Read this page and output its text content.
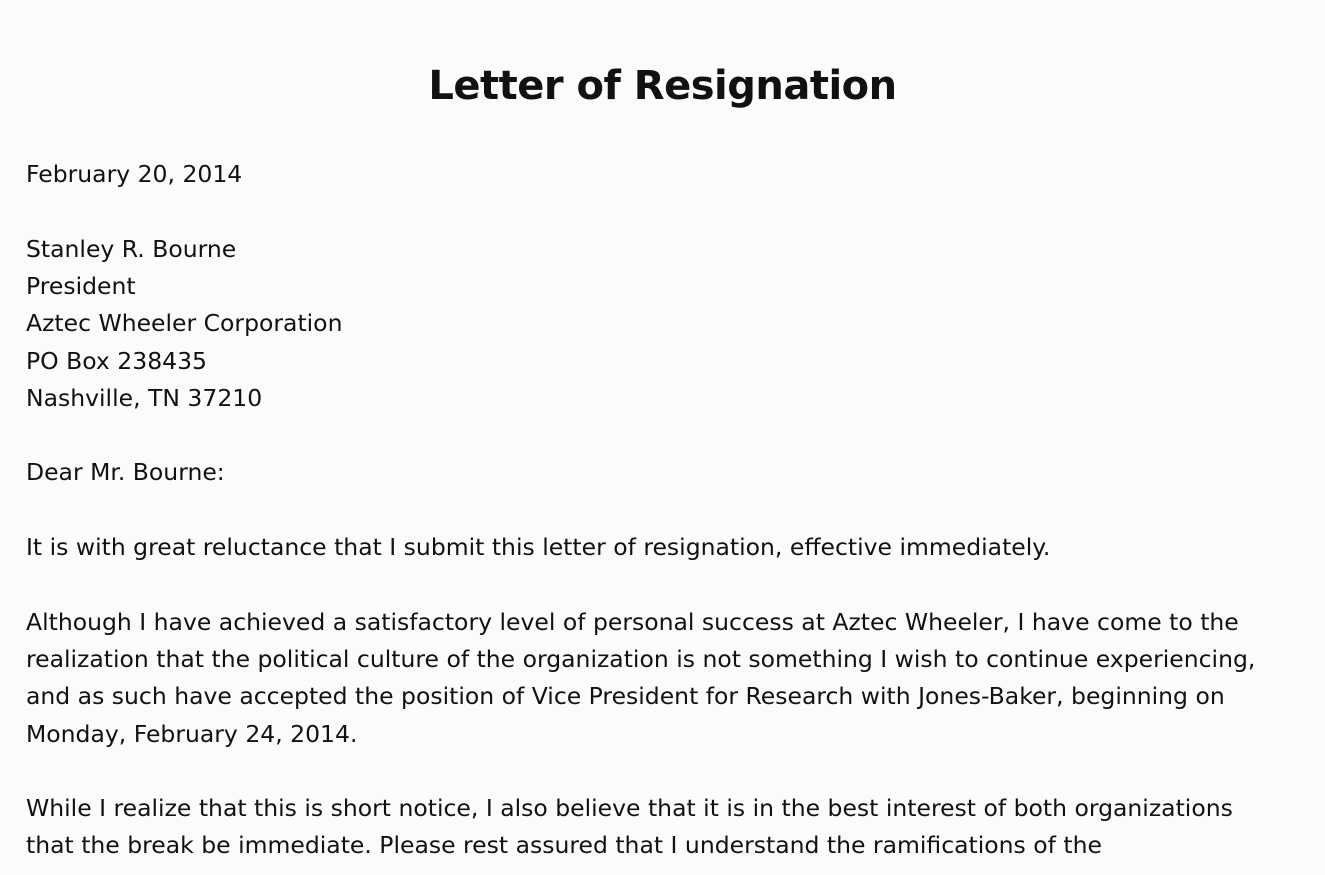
Letter of Resignation
February 20, 2014
Stanley R. Bourne
President
Aztec Wheeler Corporation
PO Box 238435
Nashville, TN 37210
Dear Mr. Bourne:
It is with great reluctance that I submit this letter of resignation, effective immediately.
Although I have achieved a satisfactory level of personal success at Aztec Wheeler, I have come to the
realization that the political culture of the organization is not something I wish to continue experiencing,
and as such have accepted the position of Vice President for Research with Jones-Baker, beginning on
Monday, February 24, 2014.
While I realize that this is short notice, I also believe that it is in the best interest of both organizations
that the break be immediate. Please rest assured that I understand the ramifications of the
